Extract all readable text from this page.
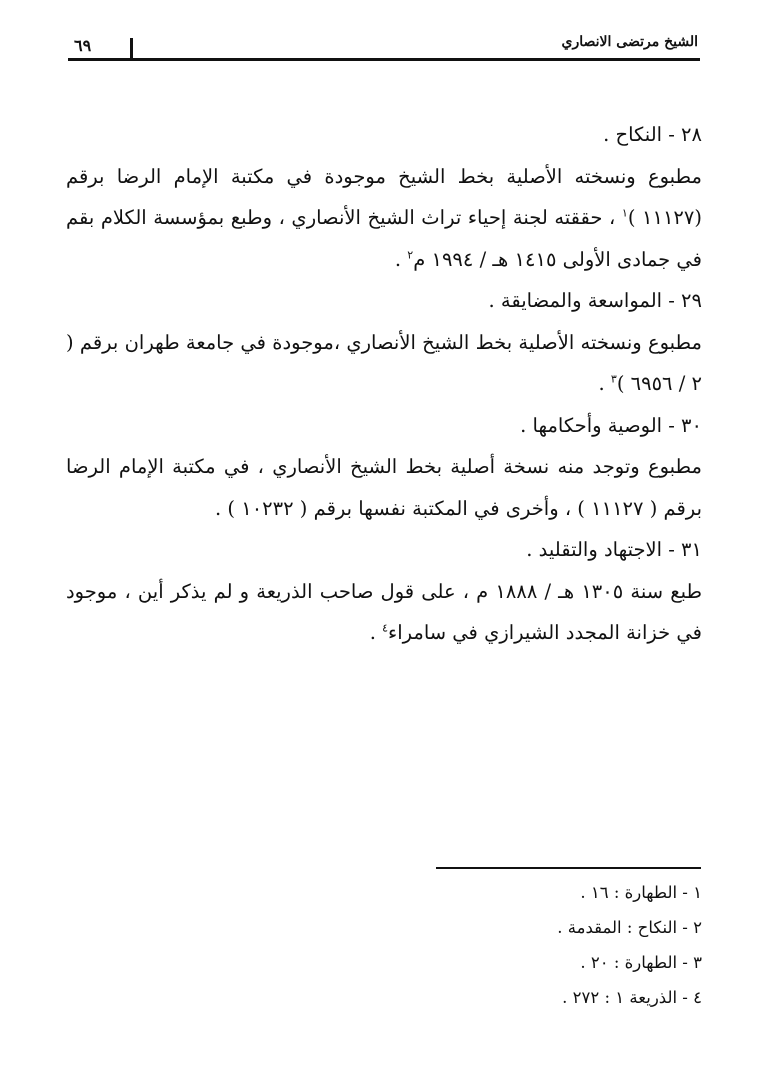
الشيخ مرتضى الانصاري
٦٩

٢٨ - النكاح .

مطبوع ونسخته الأصلية بخط الشيخ موجودة في مكتبة الإمام الرضا برقم (١١١٢٧ )$^١$ ، حققته لجنة إحياء تراث الشيخ الأنصاري ، وطبع بمؤسسة الكلام بقم في جمادى الأولى ١٤١٥ هـ / ١٩٩٤ م$^٢$ .

٢٩ - المواسعة والمضايقة .

مطبوع ونسخته الأصلية بخط الشيخ الأنصاري ،موجودة في جامعة طهران برقم ( ٢ / ٦٩٥٦ )$^٣$ .

٣٠ - الوصية وأحكامها .

مطبوع وتوجد منه نسخة أصلية بخط الشيخ الأنصاري ، في مكتبة الإمام الرضا برقم ( ١١١٢٧ ) ، وأخرى في المكتبة نفسها برقم ( ١٠٢٣٢ ) .

٣١ - الاجتهاد والتقليد .

طبع سنة ١٣٠٥ هـ / ١٨٨٨ م ، على قول صاحب الذريعة و لم يذكر أين ، موجود في خزانة المجدد الشيرازي في سامراء$^٤$ .

١ - الطهارة : ١٦ .

٢ - النكاح : المقدمة .

٣ - الطهارة : ٢٠ .

٤ - الذريعة ١ : ٢٧٢ .
